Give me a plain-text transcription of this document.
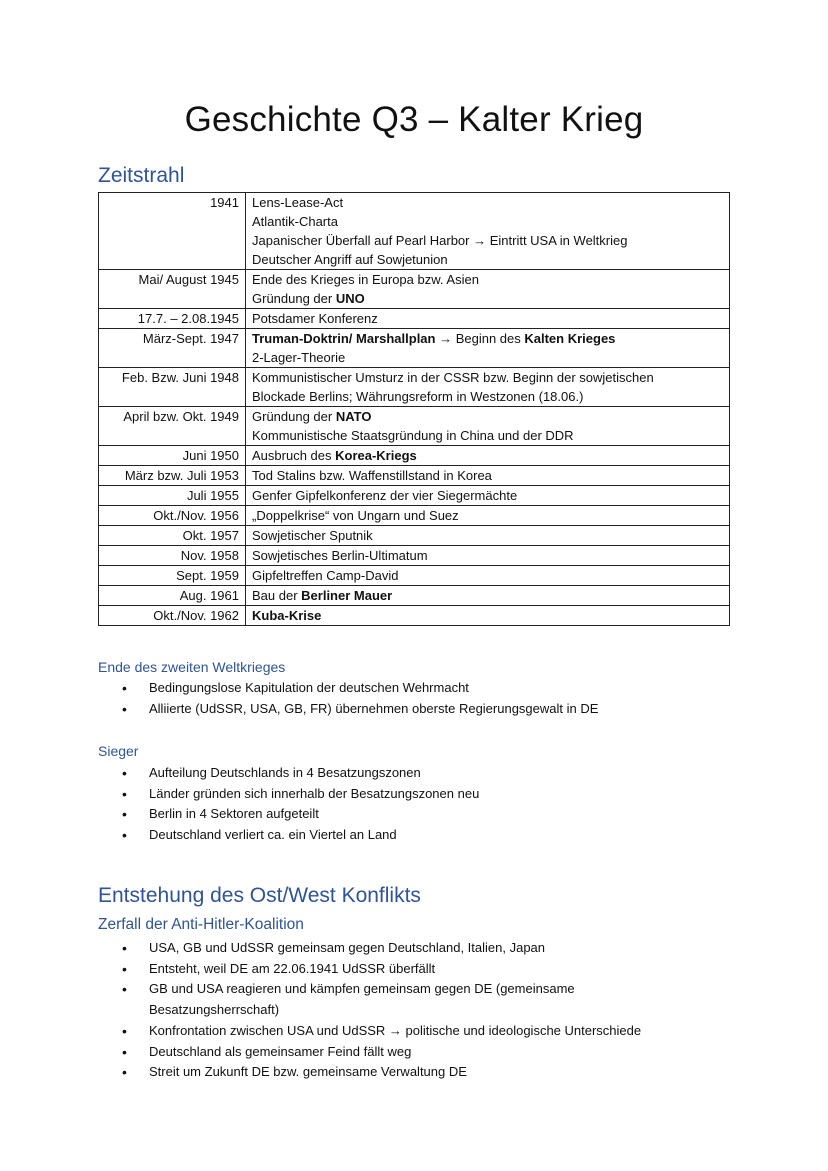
Geschichte Q3 – Kalter Krieg
Zeitstrahl
1941	Lens-Lease-Act
Atlantik-Charta
Japanischer Überfall auf Pearl Harbor → Eintritt USA in Weltkrieg
Deutscher Angriff auf Sowjetunion

Mai/ August 1945	Ende des Krieges in Europa bzw. Asien
Gründung der UNO

17.7. – 2.08.1945	Potsdamer Konferenz

März-Sept. 1947	Truman-Doktrin/ Marshallplan → Beginn des Kalten Krieges
2-Lager-Theorie

Feb. Bzw. Juni 1948	Kommunistischer Umsturz in der CSSR bzw. Beginn der sowjetischen
Blockade Berlins; Währungsreform in Westzonen (18.06.)

April bzw. Okt. 1949	Gründung der NATO
Kommunistische Staatsgründung in China und der DDR

Juni 1950	Ausbruch des Korea-Kriegs

März bzw. Juli 1953	Tod Stalins bzw. Waffenstillstand in Korea

Juli 1955	Genfer Gipfelkonferenz der vier Siegermächte

Okt./Nov. 1956	„Doppelkrise“ von Ungarn und Suez

Okt. 1957	Sowjetischer Sputnik

Nov. 1958	Sowjetisches Berlin-Ultimatum

Sept. 1959	Gipfeltreffen Camp-David

Aug. 1961	Bau der Berliner Mauer

Okt./Nov. 1962	Kuba-Krise
Ende des zweiten Weltkrieges
• Bedingungslose Kapitulation der deutschen Wehrmacht
• Alliierte (UdSSR, USA, GB, FR) übernehmen oberste Regierungsgewalt in DE
Sieger
• Aufteilung Deutschlands in 4 Besatzungszonen
• Länder gründen sich innerhalb der Besatzungszonen neu
• Berlin in 4 Sektoren aufgeteilt
• Deutschland verliert ca. ein Viertel an Land
Entstehung des Ost/West Konflikts
Zerfall der Anti-Hitler-Koalition
• USA, GB und UdSSR gemeinsam gegen Deutschland, Italien, Japan
• Entsteht, weil DE am 22.06.1941 UdSSR überfällt
• GB und USA reagieren und kämpfen gemeinsam gegen DE (gemeinsame Besatzungsherrschaft)
• Konfrontation zwischen USA und UdSSR → politische und ideologische Unterschiede
• Deutschland als gemeinsamer Feind fällt weg
• Streit um Zukunft DE bzw. gemeinsame Verwaltung DE
